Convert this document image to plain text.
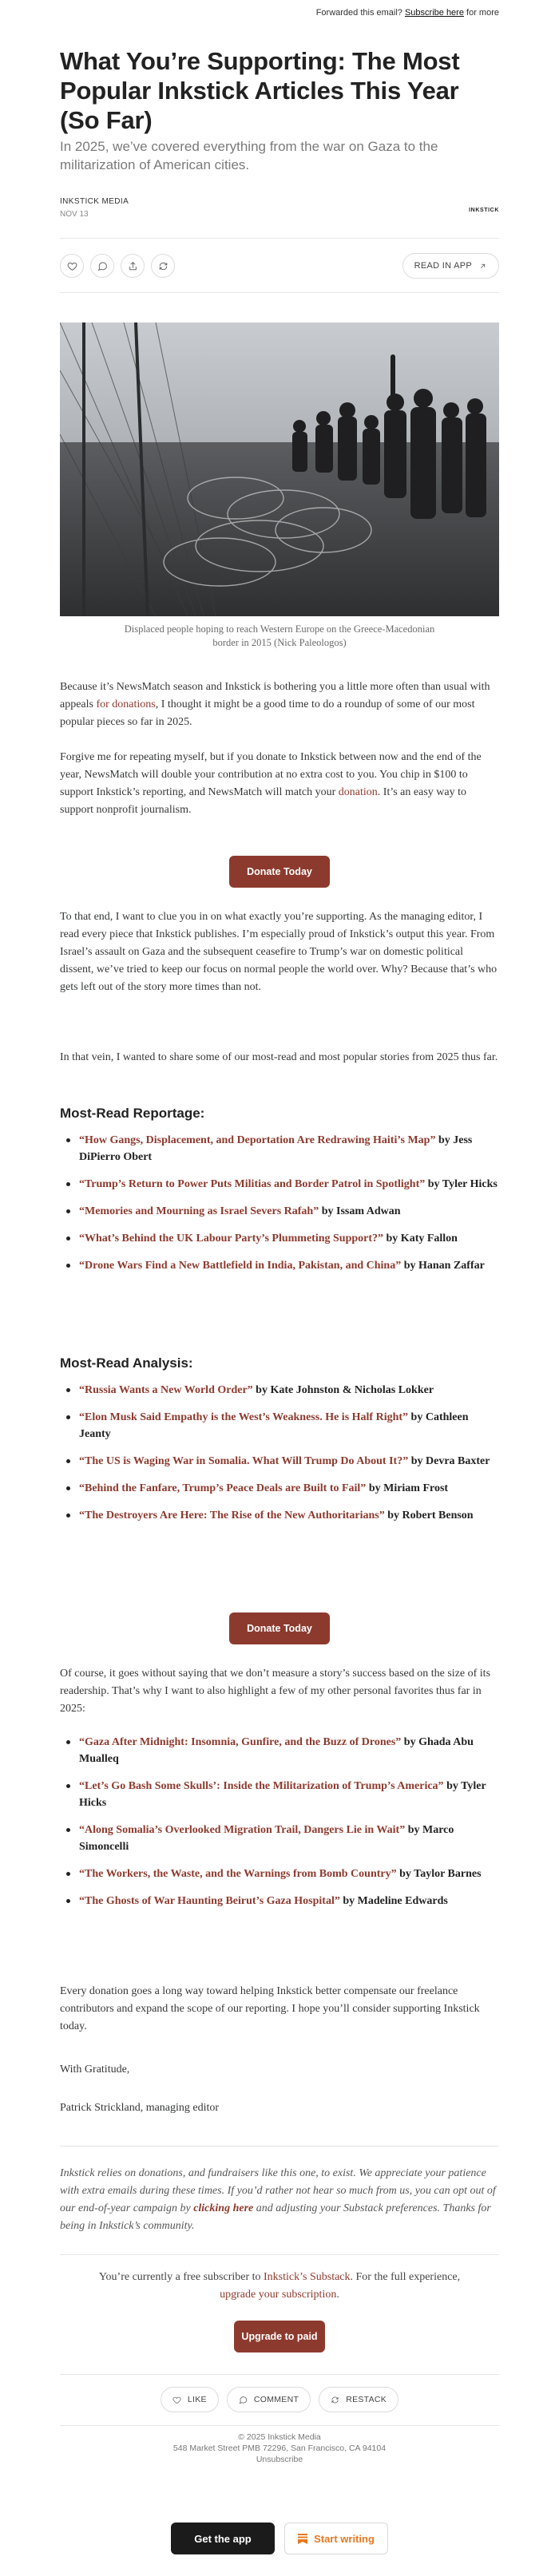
Forwarded this email? Subscribe here for more
What You’re Supporting: The Most Popular Inkstick Articles This Year (So Far)
In 2025, we’ve covered everything from the war on Gaza to the militarization of American cities.
INKSTICK MEDIA
NOV 13	INKSTICK
READ IN APP
Displaced people hoping to reach Western Europe on the Greece-Macedonian border in 2015 (Nick Paleologos)

Because it’s NewsMatch season and Inkstick is bothering you a little more often than usual with appeals for donations, I thought it might be a good time to do a roundup of some of our most popular pieces so far in 2025.

Forgive me for repeating myself, but if you donate to Inkstick between now and the end of the year, NewsMatch will double your contribution at no extra cost to you. You chip in $100 to support Inkstick’s reporting, and NewsMatch will match your donation. It’s an easy way to support nonprofit journalism.

Donate Today

To that end, I want to clue you in on what exactly you’re supporting. As the managing editor, I read every piece that Inkstick publishes. I’m especially proud of Inkstick’s output this year. From Israel’s assault on Gaza and the subsequent ceasefire to Trump’s war on domestic political dissent, we’ve tried to keep our focus on normal people the world over. Why? Because that’s who gets left out of the story more times than not.

In that vein, I wanted to share some of our most-read and most popular stories from 2025 thus far.

Most-Read Reportage:
“How Gangs, Displacement, and Deportation Are Redrawing Haiti’s Map” by Jess DiPierro Obert
“Trump’s Return to Power Puts Militias and Border Patrol in Spotlight” by Tyler Hicks
“Memories and Mourning as Israel Severs Rafah” by Issam Adwan
“What’s Behind the UK Labour Party’s Plummeting Support?” by Katy Fallon
“Drone Wars Find a New Battlefield in India, Pakistan, and China” by Hanan Zaffar
Most-Read Analysis:
“Russia Wants a New World Order” by Kate Johnston & Nicholas Lokker
“Elon Musk Said Empathy is the West’s Weakness. He is Half Right” by Cathleen Jeanty
“The US is Waging War in Somalia. What Will Trump Do About It?” by Devra Baxter
“Behind the Fanfare, Trump’s Peace Deals are Built to Fail” by Miriam Frost
“The Destroyers Are Here: The Rise of the New Authoritarians” by Robert Benson
Donate Today

Of course, it goes without saying that we don’t measure a story’s success based on the size of its readership. That’s why I want to also highlight a few of my other personal favorites thus far in 2025:

“Gaza After Midnight: Insomnia, Gunfire, and the Buzz of Drones” by Ghada Abu Mualleq
“Let’s Go Bash Some Skulls’: Inside the Militarization of Trump’s America” by Tyler Hicks
“Along Somalia’s Overlooked Migration Trail, Dangers Lie in Wait” by Marco Simoncelli
“The Workers, the Waste, and the Warnings from Bomb Country” by Taylor Barnes
“The Ghosts of War Haunting Beirut’s Gaza Hospital” by Madeline Edwards

Every donation goes a long way toward helping Inkstick better compensate our freelance contributors and expand the scope of our reporting. I hope you’ll consider supporting Inkstick today.

With Gratitude,

Patrick Strickland, managing editor

Inkstick relies on donations, and fundraisers like this one, to exist. We appreciate your patience with extra emails during these times. If you’d rather not hear so much from us, you can opt out of our end-of-year campaign by clicking here and adjusting your Substack preferences. Thanks for being in Inkstick’s community.

You’re currently a free subscriber to Inkstick’s Substack. For the full experience, upgrade your subscription.

Upgrade to paid
LIKE	COMMENT	RESTACK
© 2025 Inkstick Media
548 Market Street PMB 72296, San Francisco, CA 94104
Unsubscribe
Get the app	Start writing
